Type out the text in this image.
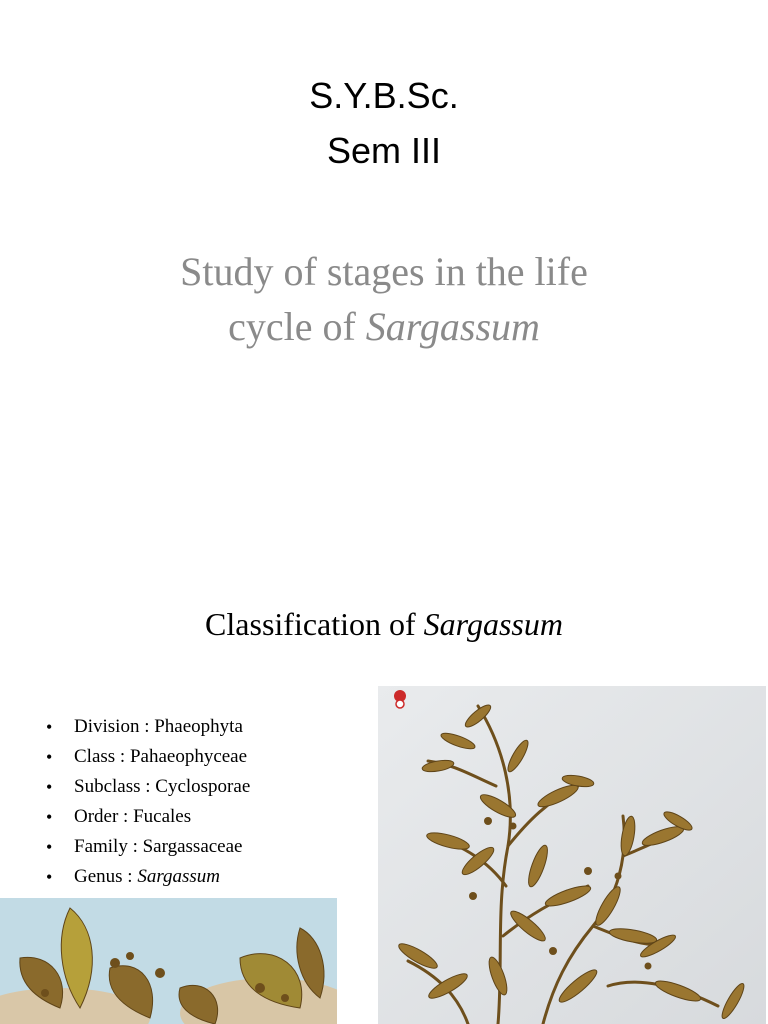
S.Y.B.Sc.
Sem III
Study of stages in the life
cycle of Sargassum
Classification of Sargassum
• Division : Phaeophyta
• Class : Pahaeophyceae
• Subclass : Cyclosporae
• Order : Fucales
• Family : Sargassaceae
• Genus : Sargassum
